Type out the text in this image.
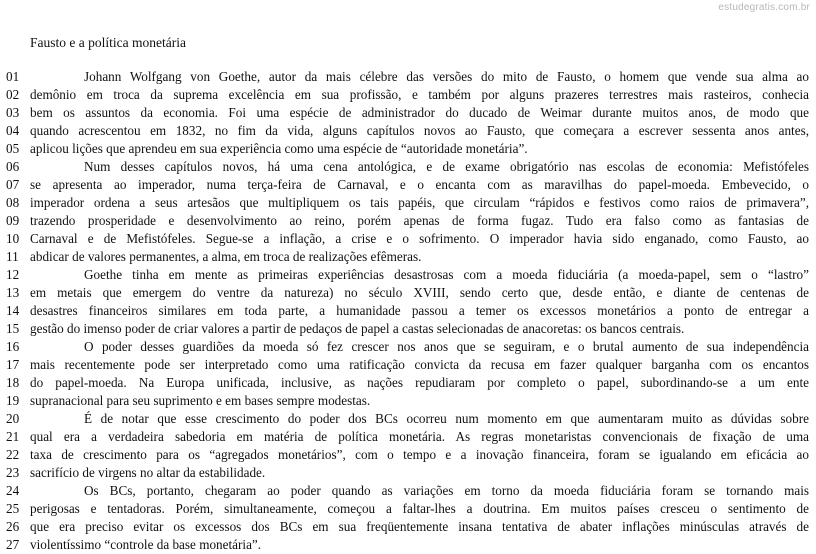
estudegratis.com.br
Fausto e a política monetária
01	Johann Wolfgang von Goethe, autor da mais célebre das versões do mito de Fausto, o homem que vende sua alma ao
02 demônio em troca da suprema excelência em sua profissão, e também por alguns prazeres terrestres mais rasteiros, conhecia
03 bem os assuntos da economia. Foi uma espécie de administrador do ducado de Weimar durante muitos anos, de modo que
04 quando acrescentou em 1832, no fim da vida, alguns capítulos novos ao Fausto, que começara a escrever sessenta anos antes,
05 aplicou lições que aprendeu em sua experiência como uma espécie de “autoridade monetária”.
06	Num desses capítulos novos, há uma cena antológica, e de exame obrigatório nas escolas de economia: Mefistófeles
07 se apresenta ao imperador, numa terça-feira de Carnaval, e o encanta com as maravilhas do papel-moeda. Embevecido, o
08 imperador ordena a seus artesãos que multipliquem os tais papéis, que circulam “rápidos e festivos como raios de primavera”,
09 trazendo prosperidade e desenvolvimento ao reino, porém apenas de forma fugaz. Tudo era falso como as fantasias de
10 Carnaval e de Mefistófeles. Segue-se a inflação, a crise e o sofrimento. O imperador havia sido enganado, como Fausto, ao
11 abdicar de valores permanentes, a alma, em troca de realizações efêmeras.
12	Goethe tinha em mente as primeiras experiências desastrosas com a moeda fiduciária (a moeda-papel, sem o “lastro”
13 em metais que emergem do ventre da natureza) no século XVIII, sendo certo que, desde então, e diante de centenas de
14 desastres financeiros similares em toda parte, a humanidade passou a temer os excessos monetários a ponto de entregar a
15 gestão do imenso poder de criar valores a partir de pedaços de papel a castas selecionadas de anacoretas: os bancos centrais.
16	O poder desses guardiões da moeda só fez crescer nos anos que se seguiram, e o brutal aumento de sua independência
17 mais recentemente pode ser interpretado como uma ratificação convicta da recusa em fazer qualquer barganha com os encantos
18 do papel-moeda. Na Europa unificada, inclusive, as nações repudiaram por completo o papel, subordinando-se a um ente
19 supranacional para seu suprimento e em bases sempre modestas.
20	É de notar que esse crescimento do poder dos BCs ocorreu num momento em que aumentaram muito as dúvidas sobre
21 qual era a verdadeira sabedoria em matéria de política monetária. As regras monetaristas convencionais de fixação de uma
22 taxa de crescimento para os “agregados monetários”, com o tempo e a inovação financeira, foram se igualando em eficácia ao
23 sacrifício de virgens no altar da estabilidade.
24	Os BCs, portanto, chegaram ao poder quando as variações em torno da moeda fiduciária foram se tornando mais
25 perigosas e tentadoras. Porém, simultaneamente, começou a faltar-lhes a doutrina. Em muitos países cresceu o sentimento de
26 que era preciso evitar os excessos dos BCs em sua freqüentemente insana tentativa de abater inflações minúsculas através de
27 violentíssimo “controle da base monetária”.
